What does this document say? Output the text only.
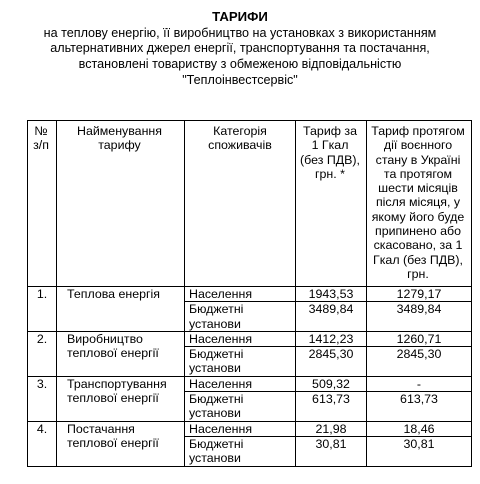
ТАРИФИ
на теплову енергію, її виробництво на установках з використанням
альтернативних джерел енергії, транспортування та постачання,
встановлені товариству з обмеженою відповідальністю
"Теплоінвестсервіс"
№ з/п	Найменування тарифу	Категорія споживачів	Тариф за 1 Гкал (без ПДВ), грн. *	Тариф протягом дії воєнного стану в Україні та протягом шести місяців після місяця, у якому його буде припинено або скасовано, за 1 Гкал (без ПДВ), грн.
1.	Теплова енергія	Населення	1943,53	1279,17
		Бюджетні установи	3489,84	3489,84
2.	Виробництво теплової енергії	Населення	1412,23	1260,71
		Бюджетні установи	2845,30	2845,30
3.	Транспортування теплової енергії	Населення	509,32	-
		Бюджетні установи	613,73	613,73
4.	Постачання теплової енергії	Населення	21,98	18,46
		Бюджетні установи	30,81	30,81
